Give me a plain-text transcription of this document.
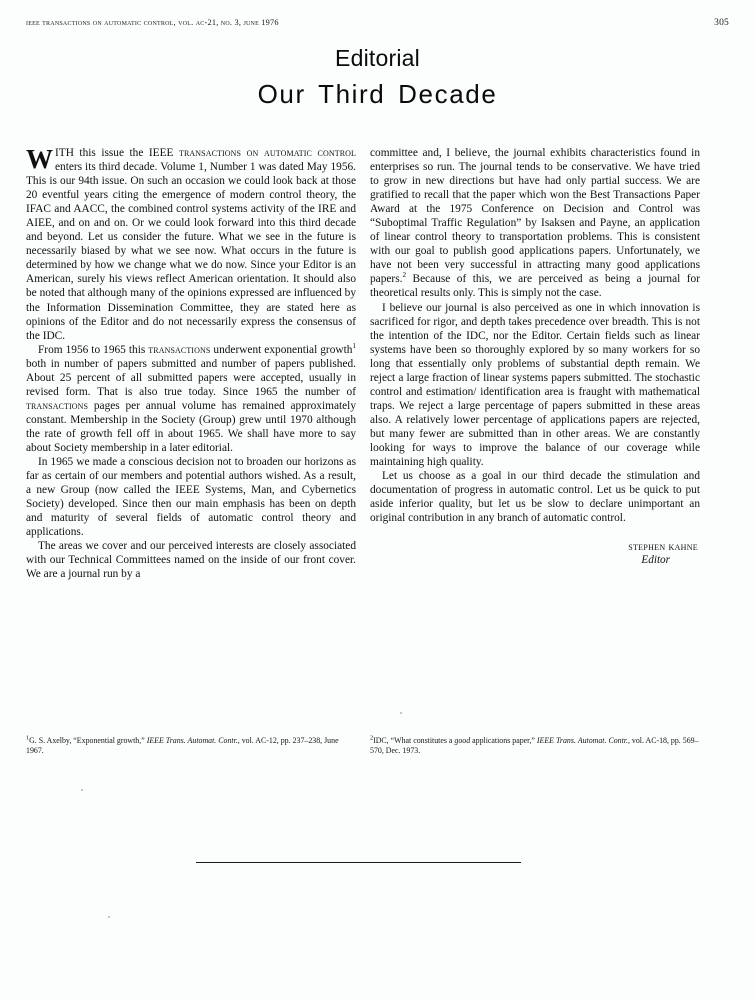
ieee transactions on automatic control, vol. ac-21, no. 3, june 1976	305
Editorial
Our Third Decade

WITH this issue the IEEE transactions on automatic control enters its third decade. Volume 1, Number 1 was dated May 1956. This is our 94th issue. On such an occasion we could look back at those 20 eventful years citing the emergence of modern control theory, the IFAC and AACC, the combined control systems activity of the IRE and AIEE, and on and on. Or we could look forward into this third decade and beyond. Let us consider the future. What we see in the future is necessarily biased by what we see now. What occurs in the future is determined by how we change what we do now. Since your Editor is an American, surely his views reflect American orientation. It should also be noted that although many of the opinions expressed are influenced by the Information Dissemination Committee, they are stated here as opinions of the Editor and do not necessarily express the consensus of the IDC.

From 1956 to 1965 this transactions underwent exponential growth$^1$ both in number of papers submitted and number of papers published. About 25 percent of all submitted papers were accepted, usually in revised form. That is also true today. Since 1965 the number of transactions pages per annual volume has remained approximately constant. Membership in the Society (Group) grew until 1970 although the rate of growth fell off in about 1965. We shall have more to say about Society membership in a later editorial.

In 1965 we made a conscious decision not to broaden our horizons as far as certain of our members and potential authors wished. As a result, a new Group (now called the IEEE Systems, Man, and Cybernetics Society) developed. Since then our main emphasis has been on depth and maturity of several fields of automatic control theory and applications.

The areas we cover and our perceived interests are closely associated with our Technical Committees named on the inside of our front cover. We are a journal run by a

committee and, I believe, the journal exhibits characteristics found in enterprises so run. The journal tends to be conservative. We have tried to grow in new directions but have had only partial success. We are gratified to recall that the paper which won the Best Transactions Paper Award at the 1975 Conference on Decision and Control was “Suboptimal Traffic Regulation” by Isaksen and Payne, an application of linear control theory to transportation problems. This is consistent with our goal to publish good applications papers. Unfortunately, we have not been very successful in attracting many good applications papers.$^2$ Because of this, we are perceived as being a journal for theoretical results only. This is simply not the case.

I believe our journal is also perceived as one in which innovation is sacrificed for rigor, and depth takes precedence over breadth. This is not the intention of the IDC, nor the Editor. Certain fields such as linear systems have been so thoroughly explored by so many workers for so long that essentially only problems of substantial depth remain. We reject a large fraction of linear systems papers submitted. The stochastic control and estimation/ identification area is fraught with mathematical traps. We reject a large percentage of papers submitted in these areas also. A relatively lower percentage of applications papers are rejected, but many fewer are submitted than in other areas. We are constantly looking for ways to improve the balance of our coverage while maintaining high quality.

Let us choose as a goal in our third decade the stimulation and documentation of progress in automatic control. Let us be quick to put aside inferior quality, but let us be slow to declare unimportant an original contribution in any branch of automatic control.

stephen kahne
Editor

$^1$G. S. Axelby, “Exponential growth,” IEEE Trans. Automat. Contr., vol. AC-12, pp. 237–238, June 1967.

$^2$IDC, “What constitutes a good applications paper,” IEEE Trans. Automat. Contr., vol. AC-18, pp. 569–570, Dec. 1973.
